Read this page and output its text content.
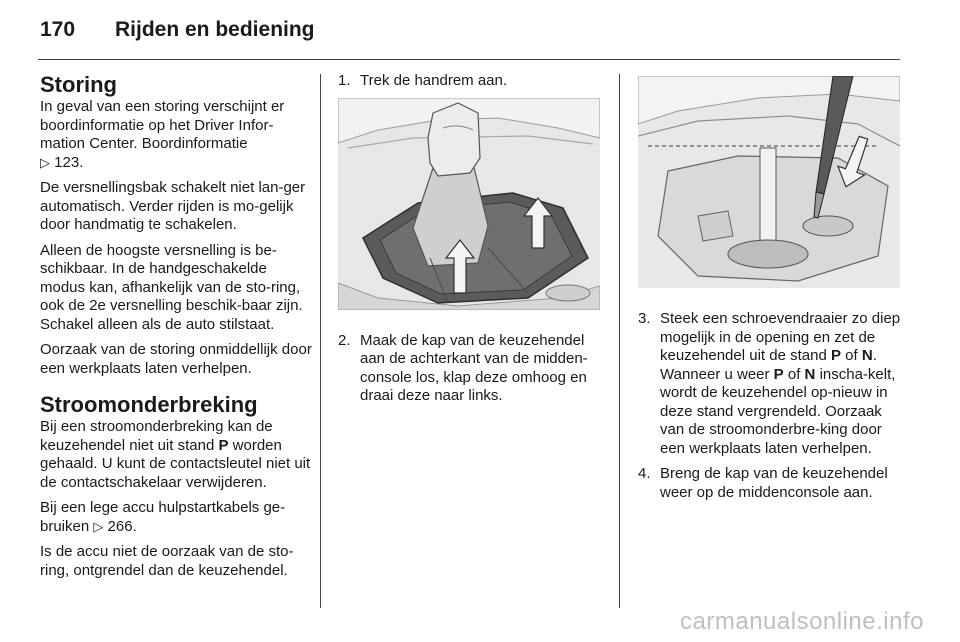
170 Rijden en bediening
Storing

In geval van een storing verschijnt er boordinformatie op het Driver Infor-mation Center. Boordinformatie
▷ 123.

De versnellingsbak schakelt niet lan-ger automatisch. Verder rijden is mo-gelijk door handmatig te schakelen.

Alleen de hoogste versnelling is be-schikbaar. In de handgeschakelde modus kan, afhankelijk van de sto-ring, ook de 2e versnelling beschik-baar zijn. Schakel alleen als de auto stilstaat.

Oorzaak van de storing onmiddellijk door een werkplaats laten verhelpen.

Stroomonderbreking

Bij een stroomonderbreking kan de keuzehendel niet uit stand P worden gehaald. U kunt de contactsleutel niet uit de contactschakelaar verwijderen.

Bij een lege accu hulpstartkabels ge-bruiken ▷ 266.

Is de accu niet de oorzaak van de sto-ring, ontgrendel dan de keuzehendel.

1. Trek de handrem aan.
2. Maak de kap van de keuzehendel aan de achterkant van de midden-console los, klap deze omhoog en draai deze naar links.
3. Steek een schroevendraaier zo diep mogelijk in de opening en zet de keuzehendel uit de stand P of N. Wanneer u weer P of N inscha-kelt, wordt de keuzehendel op-nieuw in deze stand vergrendeld. Oorzaak van de stroomonderbre-king door een werkplaats laten verhelpen.
4. Breng de kap van de keuzehendel weer op de middenconsole aan.
carmanualsonline.info
